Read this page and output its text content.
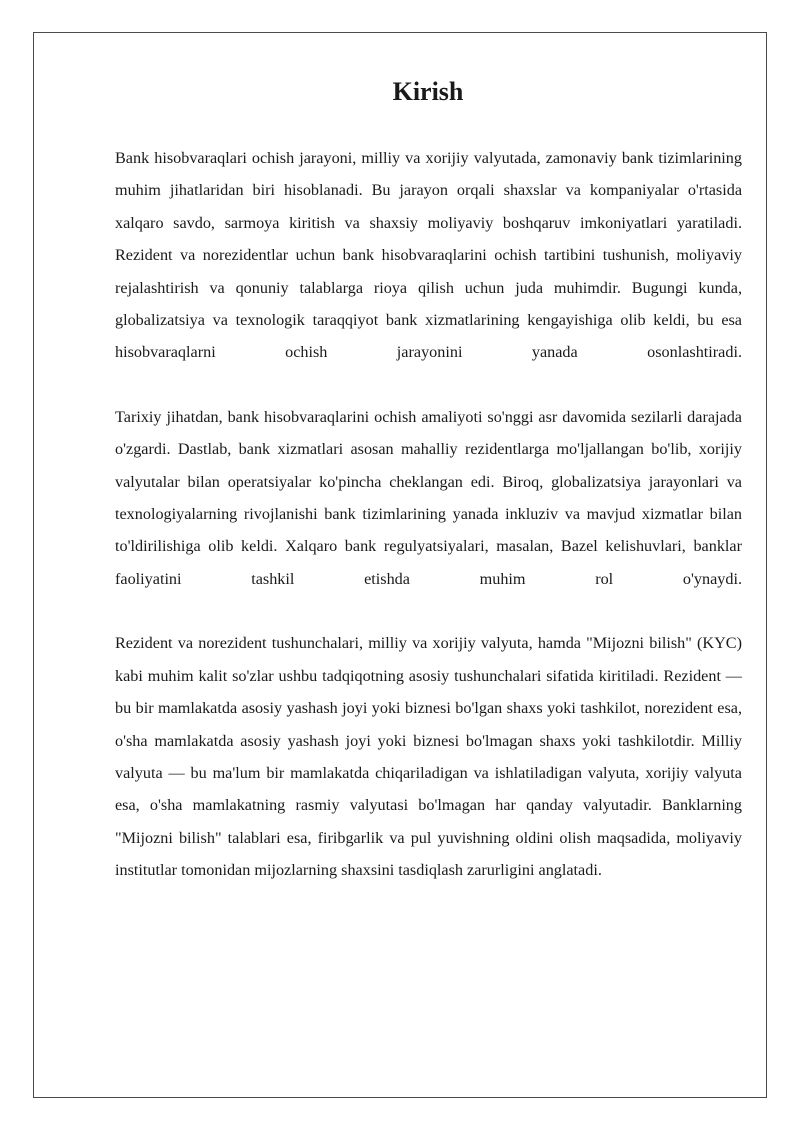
Kirish

Bank hisobvaraqlari ochish jarayoni, milliy va xorijiy valyutada, zamonaviy bank tizimlarining muhim jihatlaridan biri hisoblanadi. Bu jarayon orqali shaxslar va kompaniyalar o'rtasida xalqaro savdo, sarmoya kiritish va shaxsiy moliyaviy boshqaruv imkoniyatlari yaratiladi. Rezident va norezidentlar uchun bank hisobvaraqlarini ochish tartibini tushunish, moliyaviy rejalashtirish va qonuniy talablarga rioya qilish uchun juda muhimdir. Bugungi kunda, globalizatsiya va texnologik taraqqiyot bank xizmatlarining kengayishiga olib keldi, bu esa hisobvaraqlarni ochish jarayonini yanada osonlashtiradi.

Tarixiy jihatdan, bank hisobvaraqlarini ochish amaliyoti so'nggi asr davomida sezilarli darajada o'zgardi. Dastlab, bank xizmatlari asosan mahalliy rezidentlarga mo'ljallangan bo'lib, xorijiy valyutalar bilan operatsiyalar ko'pincha cheklangan edi. Biroq, globalizatsiya jarayonlari va texnologiyalarning rivojlanishi bank tizimlarining yanada inkluziv va mavjud xizmatlar bilan to'ldirilishiga olib keldi. Xalqaro bank regulyatsiyalari, masalan, Bazel kelishuvlari, banklar faoliyatini tashkil etishda muhim rol o'ynaydi.

Rezident va norezident tushunchalari, milliy va xorijiy valyuta, hamda "Mijozni bilish" (KYC) kabi muhim kalit so'zlar ushbu tadqiqotning asosiy tushunchalari sifatida kiritiladi. Rezident — bu bir mamlakatda asosiy yashash joyi yoki biznesi bo'lgan shaxs yoki tashkilot, norezident esa, o'sha mamlakatda asosiy yashash joyi yoki biznesi bo'lmagan shaxs yoki tashkilotdir. Milliy valyuta — bu ma'lum bir mamlakatda chiqariladigan va ishlatiladigan valyuta, xorijiy valyuta esa, o'sha mamlakatning rasmiy valyutasi bo'lmagan har qanday valyutadir. Banklarning "Mijozni bilish" talablari esa, firibgarlik va pul yuvishning oldini olish maqsadida, moliyaviy institutlar tomonidan mijozlarning shaxsini tasdiqlash zarurligini anglatadi.
